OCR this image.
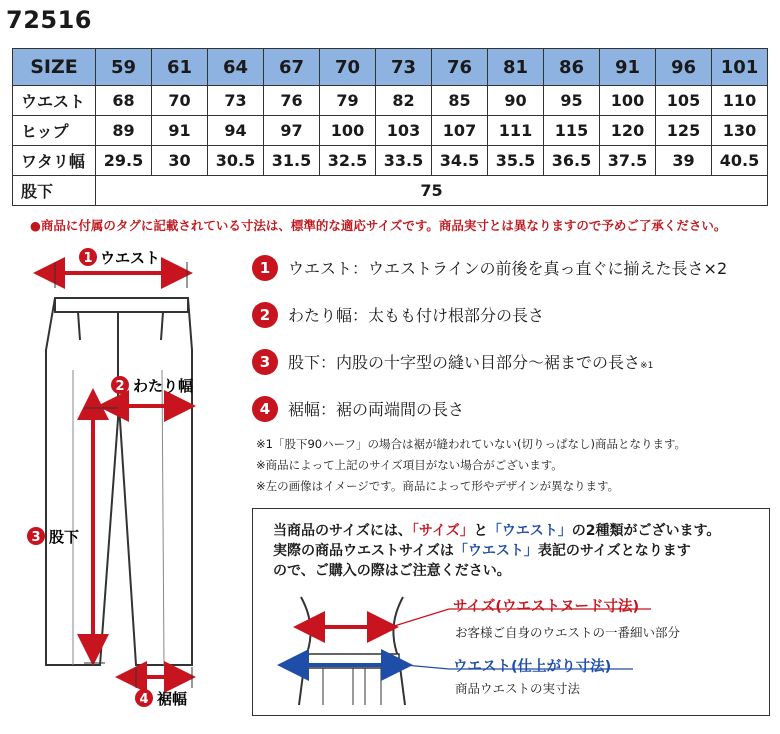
72516
SIZE	59	61	64	67	70	73	76	81	86	91	96	101
ウエスト	68	70	73	76	79	82	85	90	95	100	105	110
ヒップ	89	91	94	97	100	103	107	111	115	120	125	130
ワタリ幅	29.5	30	30.5	31.5	32.5	33.5	34.5	35.5	36.5	37.5	39	40.5
股下	75											
●商品に付属のタグに記載されている寸法は、標準的な適応サイズです。商品実寸とは異なりますので予めご了承ください。
1 ウエスト
2 わたり幅
3 股下
4 裾幅
1	ウエスト：ウエストラインの前後を真っ直ぐに揃えた長さ×2
2	わたり幅：太もも付け根部分の長さ
3	股下：内股の十字型の縫い目部分〜裾までの長さ※1
4	裾幅：裾の両端間の長さ
※1「股下90ハーフ」の場合は裾が縫われていない(切りっぱなし)商品となります。
※商品によって上記のサイズ項目がない場合がございます。
※左の画像はイメージです。商品によって形やデザインが異なります。
当商品のサイズには、「サイズ」と「ウエスト」の2種類がございます。
実際の商品ウエストサイズは「ウエスト」表記のサイズとなります
ので、ご購入の際はご注意ください。
サイズ(ウエストヌード寸法)
お客様ご自身のウエストの一番細い部分
ウエスト(仕上がり寸法)
商品ウエストの実寸法
